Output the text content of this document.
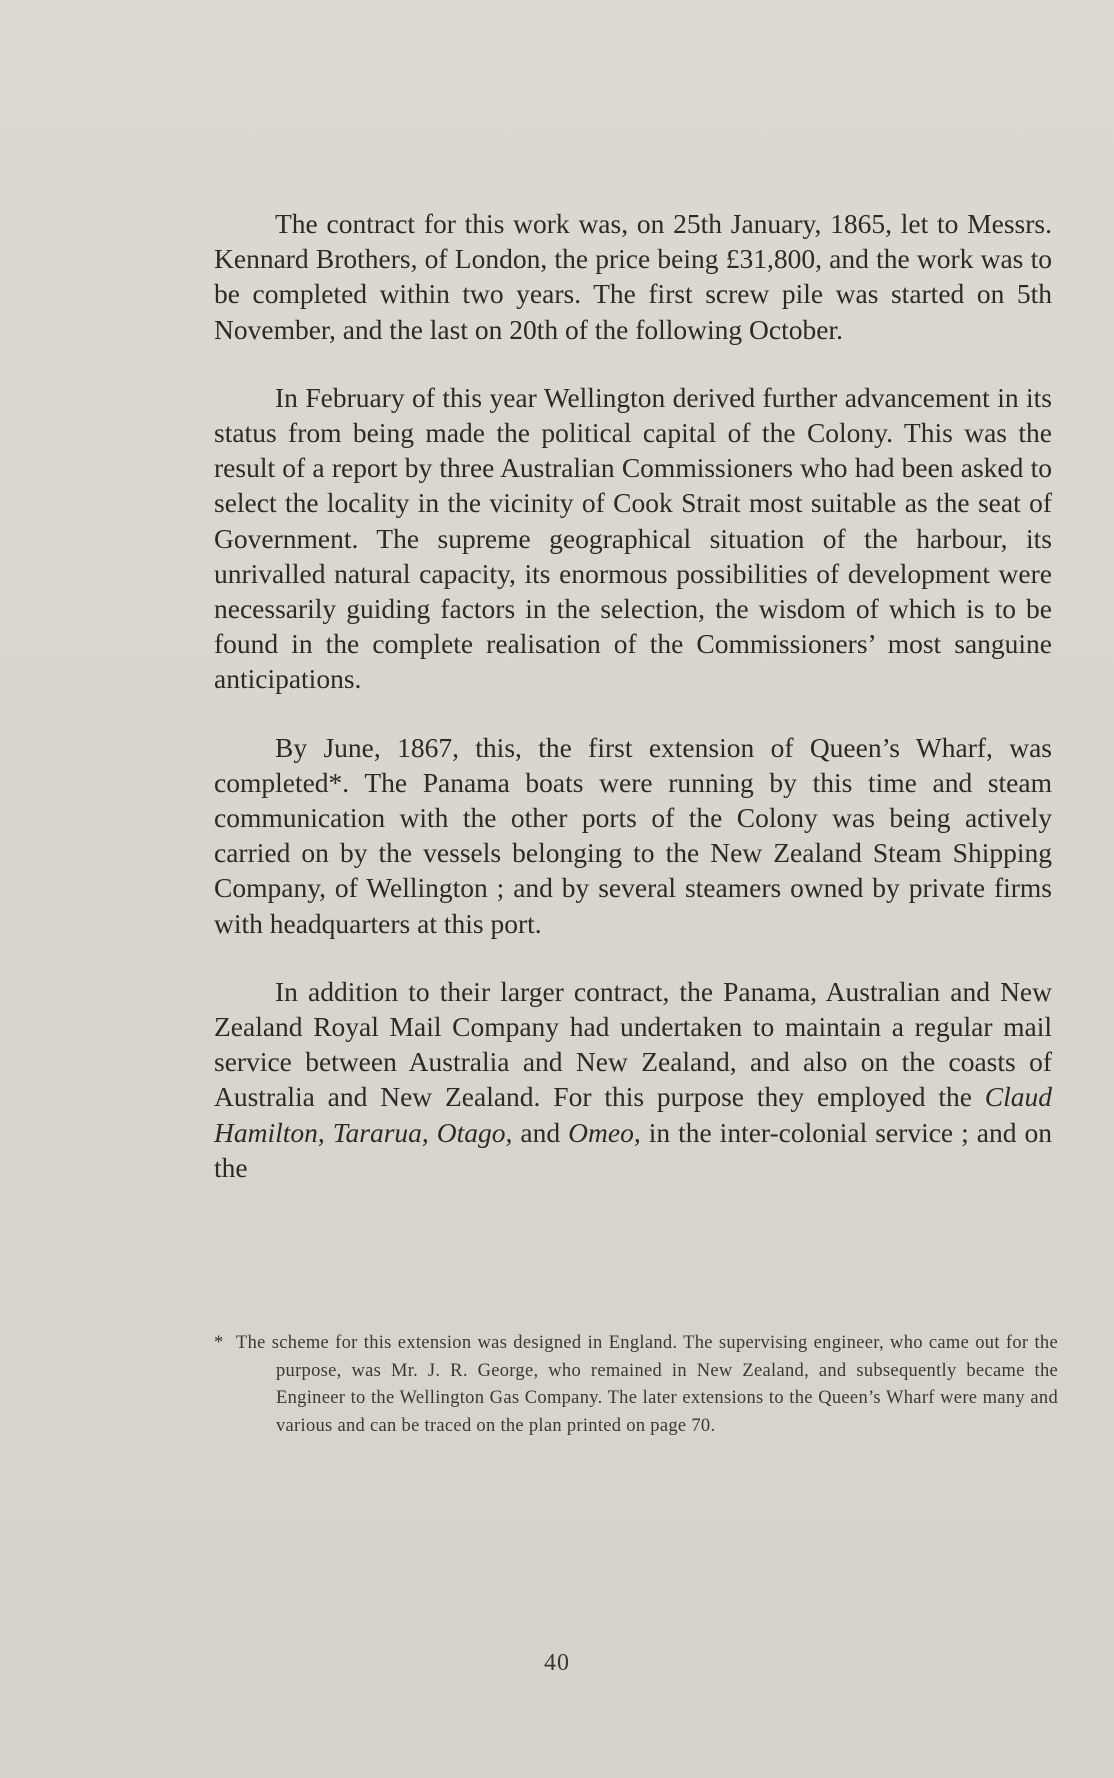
The contract for this work was, on 25th January, 1865, let to Messrs. Kennard Brothers, of London, the price being £31,800, and the work was to be completed within two years. The first screw pile was started on 5th November, and the last on 20th of the following October.

In February of this year Wellington derived further advancement in its status from being made the political capital of the Colony. This was the result of a report by three Australian Commissioners who had been asked to select the locality in the vicinity of Cook Strait most suitable as the seat of Government. The supreme geographical situation of the harbour, its unrivalled natural capacity, its enormous possibilities of development were necessarily guiding factors in the selection, the wisdom of which is to be found in the complete realisation of the Commissioners’ most sanguine anticipations.

By June, 1867, this, the first extension of Queen’s Wharf, was completed*. The Panama boats were running by this time and steam communication with the other ports of the Colony was being actively carried on by the vessels belonging to the New Zealand Steam Shipping Company, of Wellington ; and by several steamers owned by private firms with headquarters at this port.

In addition to their larger contract, the Panama, Australian and New Zealand Royal Mail Company had undertaken to maintain a regular mail service between Australia and New Zealand, and also on the coasts of Australia and New Zealand. For this purpose they employed the Claud Hamilton, Tararua, Otago, and Omeo, in the inter-colonial service ; and on the

* The scheme for this extension was designed in England. The supervising engineer, who came out for the purpose, was Mr. J. R. George, who remained in New Zealand, and subsequently became the Engineer to the Wellington Gas Company. The later extensions to the Queen’s Wharf were many and various and can be traced on the plan printed on page 70.
40
